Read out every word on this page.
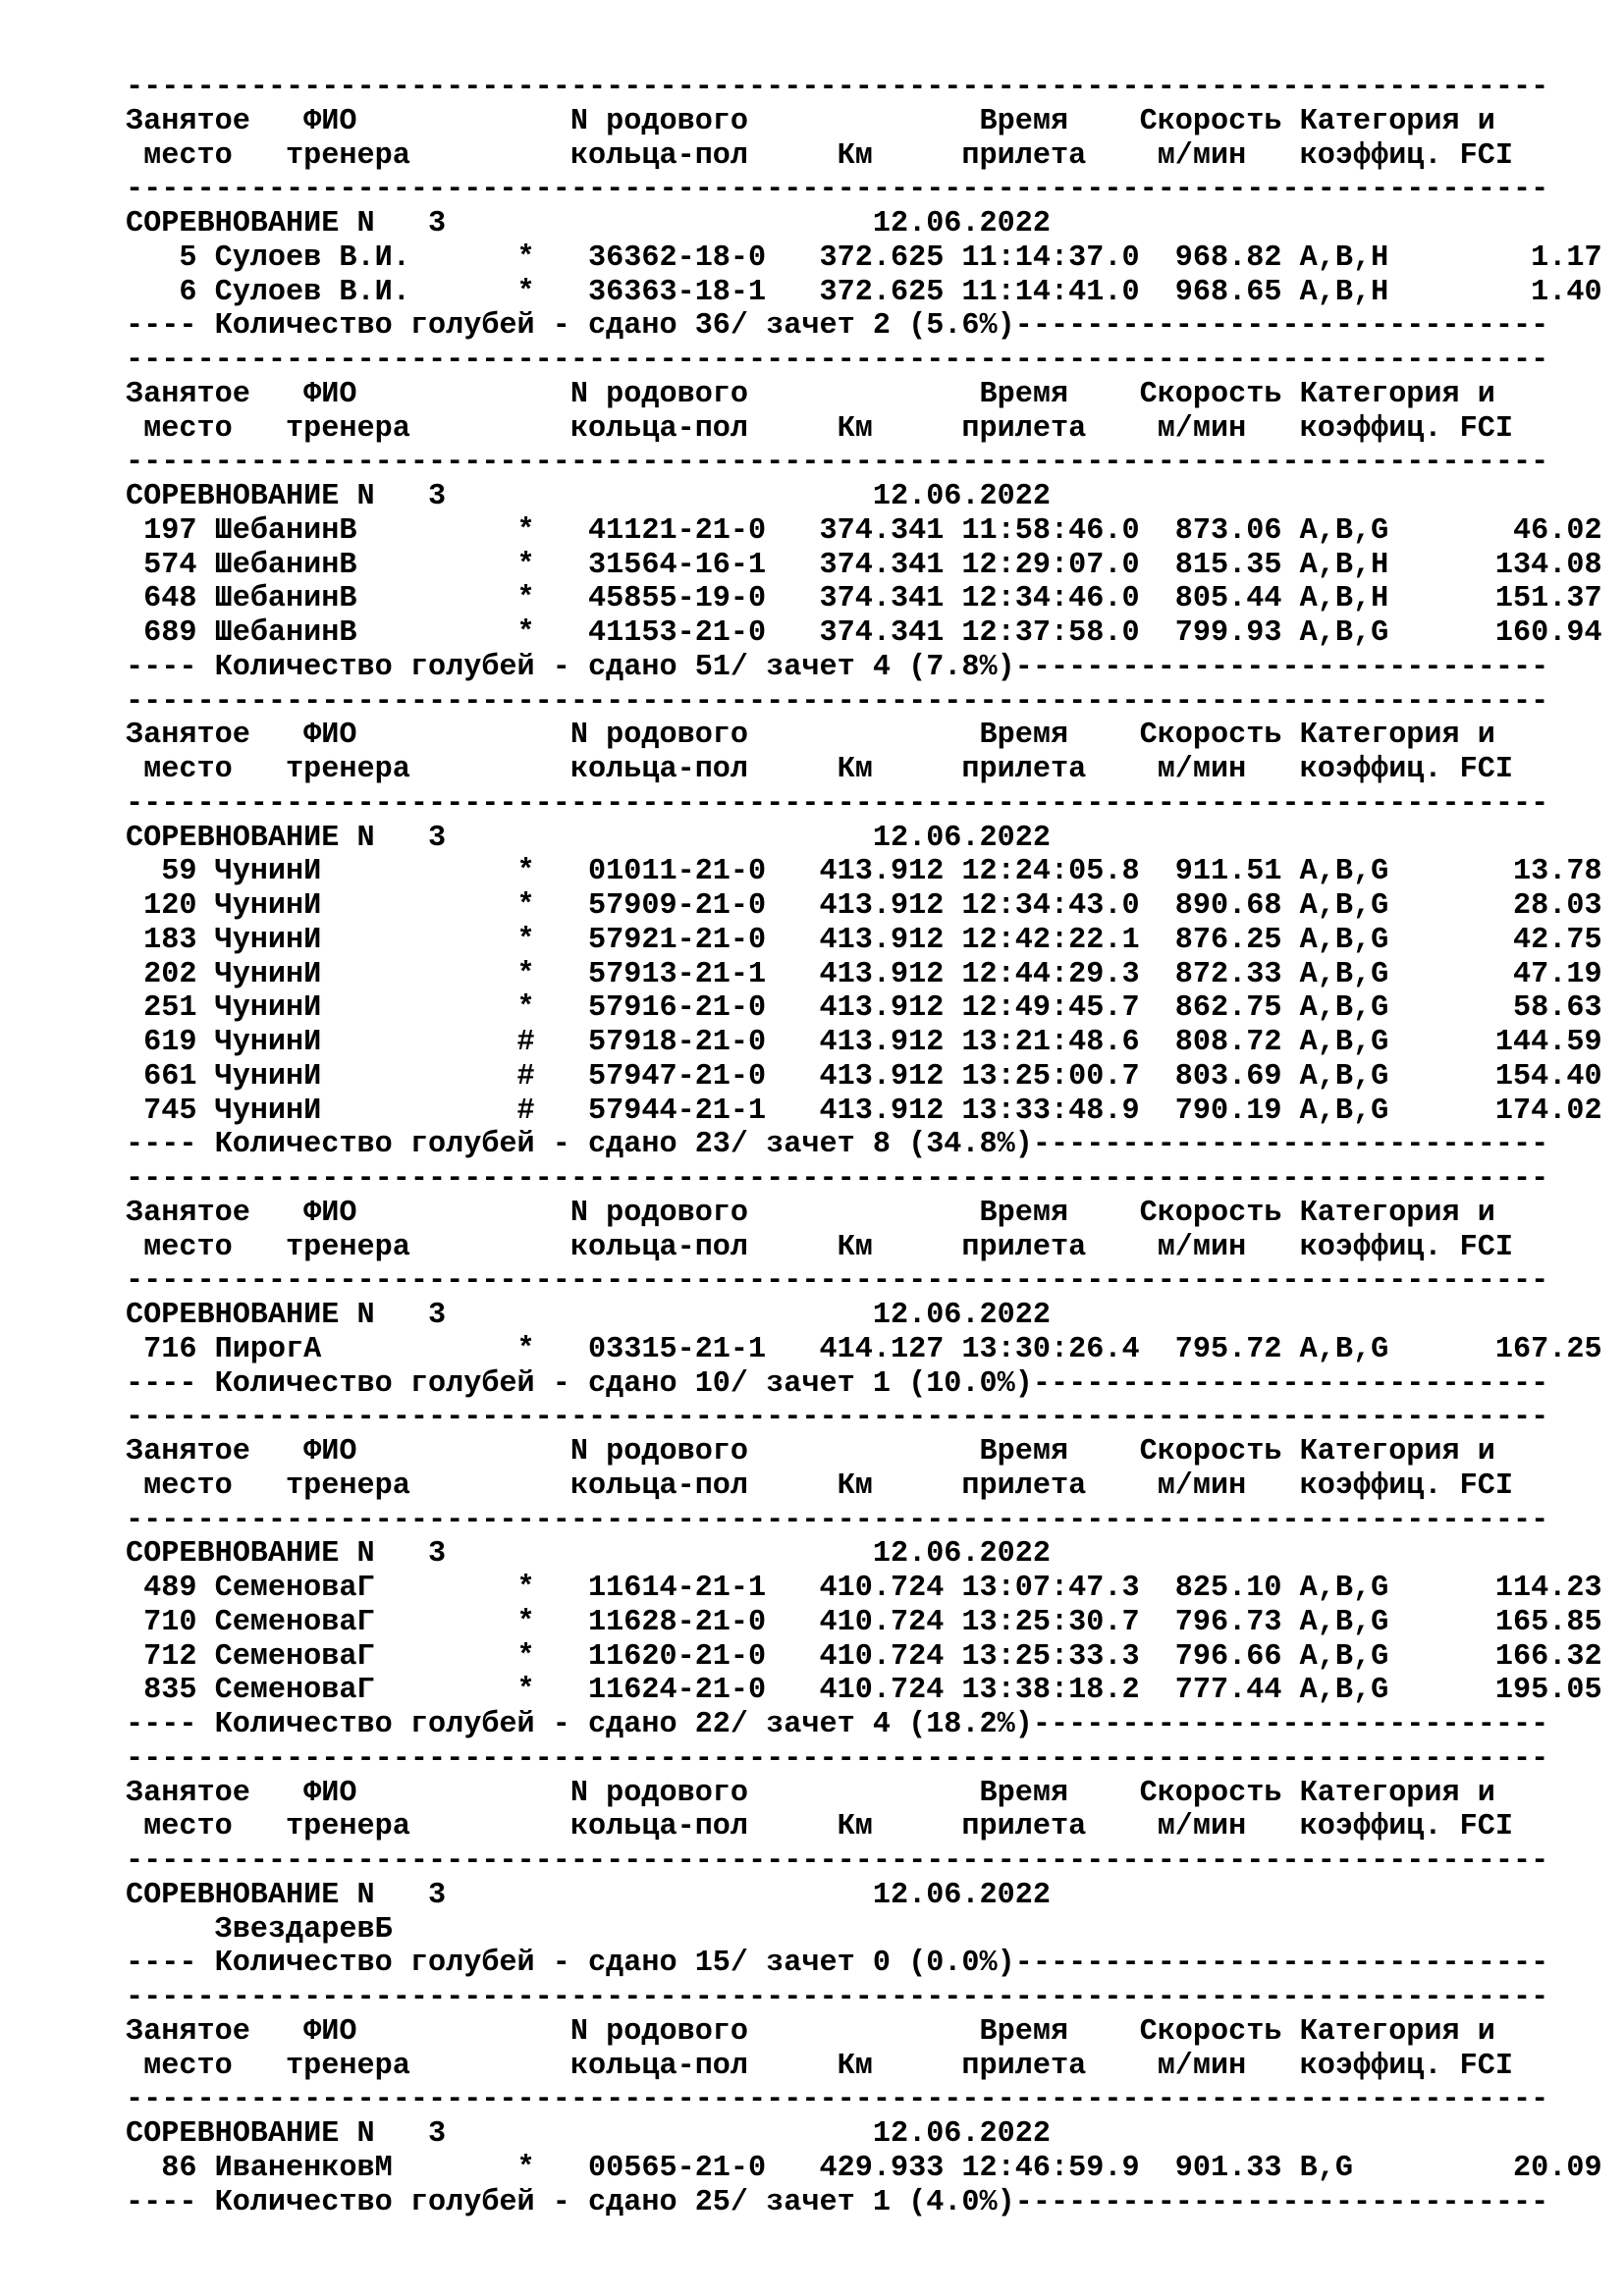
--------------------------------------------------------------------------------
Занятое   ФИО            N родового             Время    Скорость Категория и
место   тренера         кольца-пол     Км     прилета    м/мин   коэффиц. FCI
--------------------------------------------------------------------------------
СОРЕВНОВАНИЕ N   3                        12.06.2022
5 Сулоев В.И.      *   36362-18-0   372.625 11:14:37.0  968.82 A,B,H        1.17
6 Сулоев В.И.      *   36363-18-1   372.625 11:14:41.0  968.65 A,B,H        1.40
---- Количество голубей - сдано 36/ зачет 2 (5.6%)------------------------------
--------------------------------------------------------------------------------
Занятое   ФИО            N родового             Время    Скорость Категория и
место   тренера         кольца-пол     Км     прилета    м/мин   коэффиц. FCI
--------------------------------------------------------------------------------
СОРЕВНОВАНИЕ N   3                        12.06.2022
197 ШебанинВ         *   41121-21-0   374.341 11:58:46.0  873.06 A,B,G       46.02
574 ШебанинВ         *   31564-16-1   374.341 12:29:07.0  815.35 A,B,H      134.08
648 ШебанинВ         *   45855-19-0   374.341 12:34:46.0  805.44 A,B,H      151.37
689 ШебанинВ         *   41153-21-0   374.341 12:37:58.0  799.93 A,B,G      160.94
---- Количество голубей - сдано 51/ зачет 4 (7.8%)------------------------------
--------------------------------------------------------------------------------
Занятое   ФИО            N родового             Время    Скорость Категория и
место   тренера         кольца-пол     Км     прилета    м/мин   коэффиц. FCI
--------------------------------------------------------------------------------
СОРЕВНОВАНИЕ N   3                        12.06.2022
59 ЧунинИ           *   01011-21-0   413.912 12:24:05.8  911.51 A,B,G       13.78
120 ЧунинИ           *   57909-21-0   413.912 12:34:43.0  890.68 A,B,G       28.03
183 ЧунинИ           *   57921-21-0   413.912 12:42:22.1  876.25 A,B,G       42.75
202 ЧунинИ           *   57913-21-1   413.912 12:44:29.3  872.33 A,B,G       47.19
251 ЧунинИ           *   57916-21-0   413.912 12:49:45.7  862.75 A,B,G       58.63
619 ЧунинИ           #   57918-21-0   413.912 13:21:48.6  808.72 A,B,G      144.59
661 ЧунинИ           #   57947-21-0   413.912 13:25:00.7  803.69 A,B,G      154.40
745 ЧунинИ           #   57944-21-1   413.912 13:33:48.9  790.19 A,B,G      174.02
---- Количество голубей - сдано 23/ зачет 8 (34.8%)-----------------------------
--------------------------------------------------------------------------------
Занятое   ФИО            N родового             Время    Скорость Категория и
место   тренера         кольца-пол     Км     прилета    м/мин   коэффиц. FCI
--------------------------------------------------------------------------------
СОРЕВНОВАНИЕ N   3                        12.06.2022
716 ПирогА           *   03315-21-1   414.127 13:30:26.4  795.72 A,B,G      167.25
---- Количество голубей - сдано 10/ зачет 1 (10.0%)-----------------------------
--------------------------------------------------------------------------------
Занятое   ФИО            N родового             Время    Скорость Категория и
место   тренера         кольца-пол     Км     прилета    м/мин   коэффиц. FCI
--------------------------------------------------------------------------------
СОРЕВНОВАНИЕ N   3                        12.06.2022
489 СеменоваГ        *   11614-21-1   410.724 13:07:47.3  825.10 A,B,G      114.23
710 СеменоваГ        *   11628-21-0   410.724 13:25:30.7  796.73 A,B,G      165.85
712 СеменоваГ        *   11620-21-0   410.724 13:25:33.3  796.66 A,B,G      166.32
835 СеменоваГ        *   11624-21-0   410.724 13:38:18.2  777.44 A,B,G      195.05
---- Количество голубей - сдано 22/ зачет 4 (18.2%)-----------------------------
--------------------------------------------------------------------------------
Занятое   ФИО            N родового             Время    Скорость Категория и
место   тренера         кольца-пол     Км     прилета    м/мин   коэффиц. FCI
--------------------------------------------------------------------------------
СОРЕВНОВАНИЕ N   3                        12.06.2022
ЗвездаревБ
---- Количество голубей - сдано 15/ зачет 0 (0.0%)------------------------------
--------------------------------------------------------------------------------
Занятое   ФИО            N родового             Время    Скорость Категория и
место   тренера         кольца-пол     Км     прилета    м/мин   коэффиц. FCI
--------------------------------------------------------------------------------
СОРЕВНОВАНИЕ N   3                        12.06.2022
86 ИваненковМ       *   00565-21-0   429.933 12:46:59.9  901.33 B,G         20.09
---- Количество голубей - сдано 25/ зачет 1 (4.0%)------------------------------
